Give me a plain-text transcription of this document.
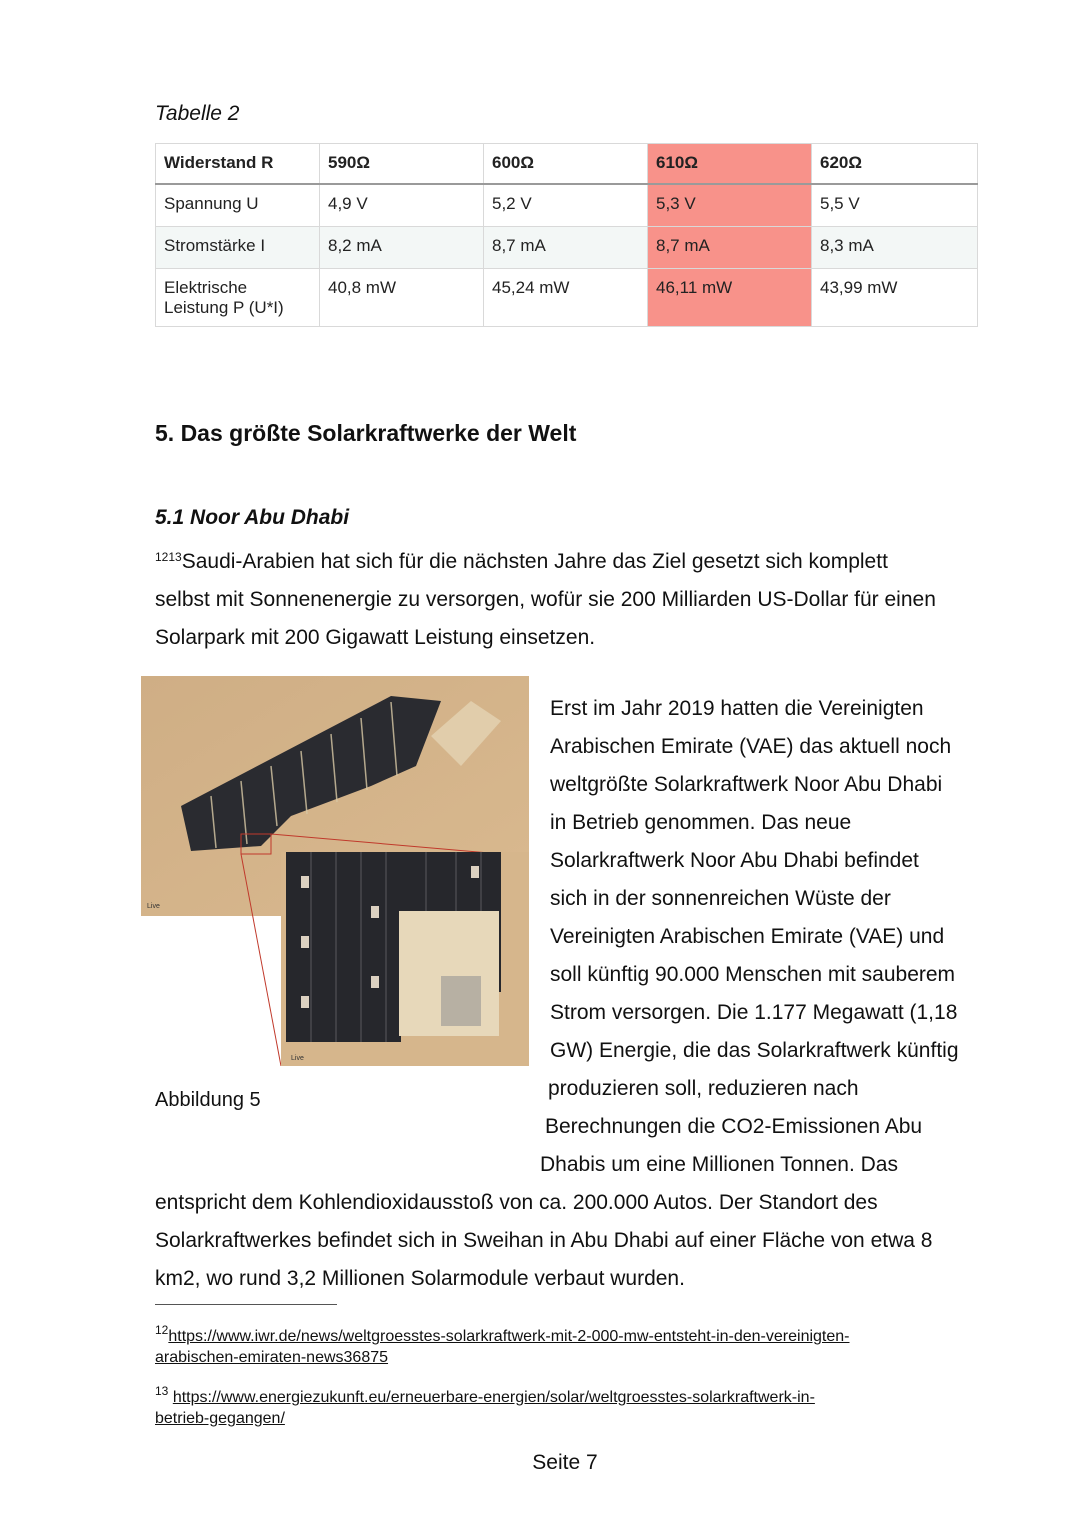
Tabelle 2
Widerstand R	590Ω	600Ω	610Ω	620Ω
Spannung U	4,9 V	5,2 V	5,3 V	5,5 V
Stromstärke I	8,2 mA	8,7 mA	8,7 mA	8,3 mA
Elektrische Leistung P (U*I)	40,8 mW	45,24 mW	46,11 mW	43,99 mW
5. Das größte Solarkraftwerke der Welt
5.1 Noor Abu Dhabi
$^{1213}$Saudi-Arabien hat sich für die nächsten Jahre das Ziel gesetzt sich komplett
selbst mit Sonnenenergie zu versorgen, wofür sie 200 Milliarden US-Dollar für einen
Solarpark mit 200 Gigawatt Leistung einsetzen.
Live
Live
Abbildung 5
Erst im Jahr 2019 hatten die Vereinigten
Arabischen Emirate (VAE) das aktuell noch
weltgrößte Solarkraftwerk Noor Abu Dhabi
in Betrieb genommen. Das neue
Solarkraftwerk Noor Abu Dhabi befindet
sich in der sonnenreichen Wüste der
Vereinigten Arabischen Emirate (VAE) und
soll künftig 90.000 Menschen mit sauberem
Strom versorgen. Die 1.177 Megawatt (1,18
GW) Energie, die das Solarkraftwerk künftig
produzieren soll, reduzieren nach
Berechnungen die CO2-Emissionen Abu
Dhabis um eine Millionen Tonnen. Das
entspricht dem Kohlendioxidausstoß von ca. 200.000 Autos. Der Standort des
Solarkraftwerkes befindet sich in Sweihan in Abu Dhabi auf einer Fläche von etwa 8
km2, wo rund 3,2 Millionen Solarmodule verbaut wurden.
$^{12}$https://www.iwr.de/news/weltgroesstes-solarkraftwerk-mit-2-000-mw-entsteht-in-den-vereinigten-
arabischen-emiraten-news36875
$^{13}$ https://www.energiezukunft.eu/erneuerbare-energien/solar/weltgroesstes-solarkraftwerk-in-
betrieb-gegangen/
Seite 7
